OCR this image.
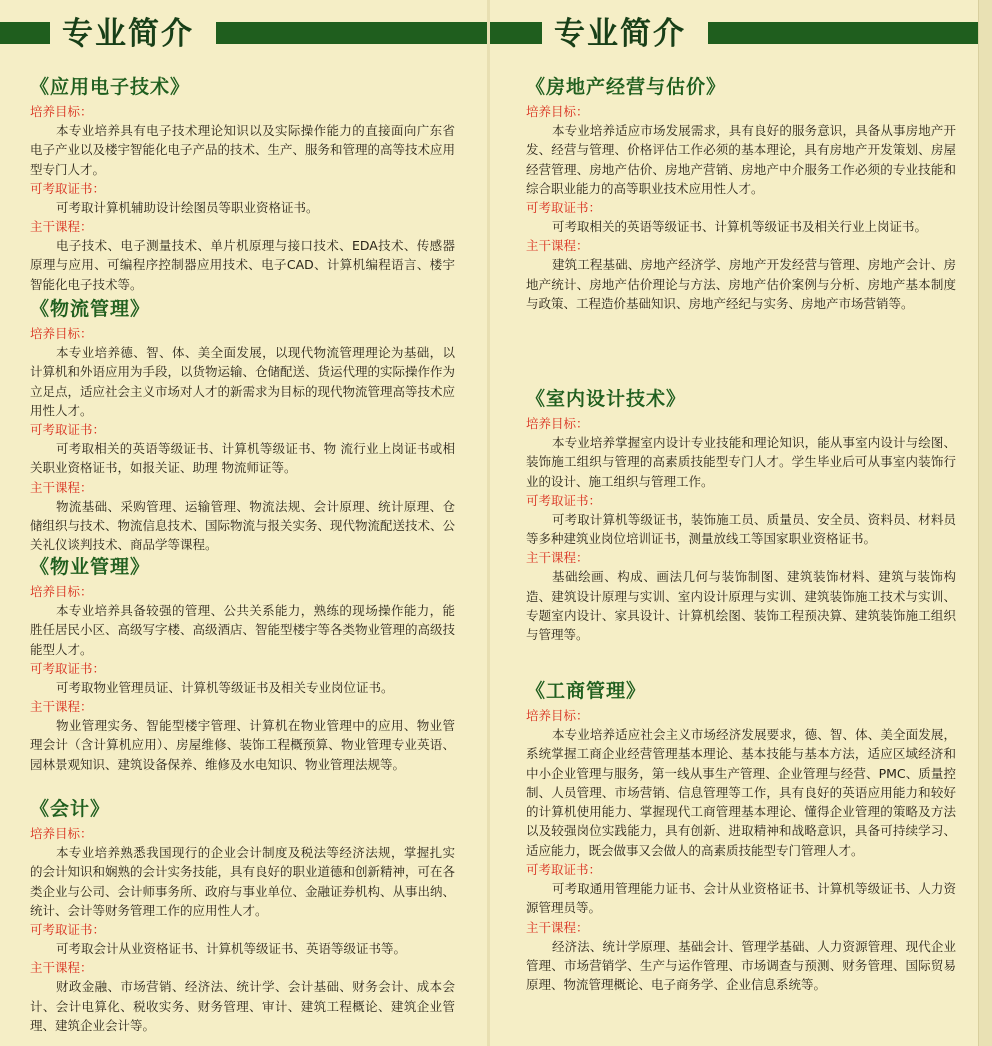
专业简介
《应用电子技术》
培养目标：
本专业培养具有电子技术理论知识以及实际操作能力的直接面向广东省电子产业以及楼宇智能化电子产品的技术、生产、服务和管理的高等技术应用型专门人才。
可考取证书：
可考取计算机辅助设计绘图员等职业资格证书。
主干课程：
电子技术、电子测量技术、单片机原理与接口技术、EDA技术、传感器原理与应用、可编程序控制器应用技术、电子CAD、计算机编程语言、楼宇智能化电子技术等。
《物流管理》
培养目标：
本专业培养德、智、体、美全面发展，以现代物流管理理论为基础，以计算机和外语应用为手段，以货物运输、仓储配送、货运代理的实际操作作为立足点，适应社会主义市场对人才的新需求为目标的现代物流管理高等技术应用性人才。
可考取证书：
可考取相关的英语等级证书、计算机等级证书、物 流行业上岗证书或相关职业资格证书，如报关证、助理 物流师证等。
主干课程：
物流基础、采购管理、运输管理、物流法规、会计原理、统计原理、仓储组织与技术、物流信息技术、国际物流与报关实务、现代物流配送技术、公关礼仪谈判技术、商品学等课程。
《物业管理》
培养目标：
本专业培养具备较强的管理、公共关系能力，熟练的现场操作能力，能胜任居民小区、高级写字楼、高级酒店、智能型楼宇等各类物业管理的高级技能型人才。
可考取证书：
可考取物业管理员证、计算机等级证书及相关专业岗位证书。
主干课程：
物业管理实务、智能型楼宇管理、计算机在物业管理中的应用、物业管理会计（含计算机应用）、房屋维修、装饰工程概预算、物业管理专业英语、园林景观知识、建筑设备保养、维修及水电知识、物业管理法规等。
《会计》
培养目标：
本专业培养熟悉我国现行的企业会计制度及税法等经济法规，掌握扎实的会计知识和娴熟的会计实务技能，具有良好的职业道德和创新精神，可在各类企业与公司、会计师事务所、政府与事业单位、金融证券机构、从事出纳、统计、会计等财务管理工作的应用性人才。
可考取证书：
可考取会计从业资格证书、计算机等级证书、英语等级证书等。
主干课程：
财政金融、市场营销、经济法、统计学、会计基础、财务会计、成本会计、会计电算化、税收实务、财务管理、审计、建筑工程概论、建筑企业管理、建筑企业会计等。
专业简介
《房地产经营与估价》
培养目标：
本专业培养适应市场发展需求，具有良好的服务意识，具备从事房地产开发、经营与管理、价格评估工作必须的基本理论，具有房地产开发策划、房屋经营管理、房地产估价、房地产营销、房地产中介服务工作必须的专业技能和综合职业能力的高等职业技术应用性人才。
可考取证书：
可考取相关的英语等级证书、计算机等级证书及相关行业上岗证书。
主干课程：
建筑工程基础、房地产经济学、房地产开发经营与管理、房地产会计、房地产统计、房地产估价理论与方法、房地产估价案例与分析、房地产基本制度与政策、工程造价基础知识、房地产经纪与实务、房地产市场营销等。
《室内设计技术》
培养目标：
本专业培养掌握室内设计专业技能和理论知识，能从事室内设计与绘图、装饰施工组织与管理的高素质技能型专门人才。学生毕业后可从事室内装饰行业的设计、施工组织与管理工作。
可考取证书：
可考取计算机等级证书，装饰施工员、质量员、安全员、资料员、材料员等多种建筑业岗位培训证书，测量放线工等国家职业资格证书。
主干课程：
基础绘画、构成、画法几何与装饰制图、建筑装饰材料、建筑与装饰构造、建筑设计原理与实训、室内设计原理与实训、建筑装饰施工技术与实训、专题室内设计、家具设计、计算机绘图、装饰工程预决算、建筑装饰施工组织与管理等。
《工商管理》
培养目标：
本专业培养适应社会主义市场经济发展要求，德、智、体、美全面发展，系统掌握工商企业经营管理基本理论、基本技能与基本方法，适应区域经济和中小企业管理与服务，第一线从事生产管理、企业管理与经营、PMC、质量控制、人员管理、市场营销、信息管理等工作，具有良好的英语应用能力和较好的计算机使用能力、掌握现代工商管理基本理论、懂得企业管理的策略及方法以及较强岗位实践能力，具有创新、进取精神和战略意识，具备可持续学习、适应能力，既会做事又会做人的高素质技能型专门管理人才。
可考取证书：
可考取通用管理能力证书、会计从业资格证书、计算机等级证书、人力资源管理员等。
主干课程：
经济法、统计学原理、基础会计、管理学基础、人力资源管理、现代企业管理、市场营销学、生产与运作管理、市场调查与预测、财务管理、国际贸易原理、物流管理概论、电子商务学、企业信息系统等。
